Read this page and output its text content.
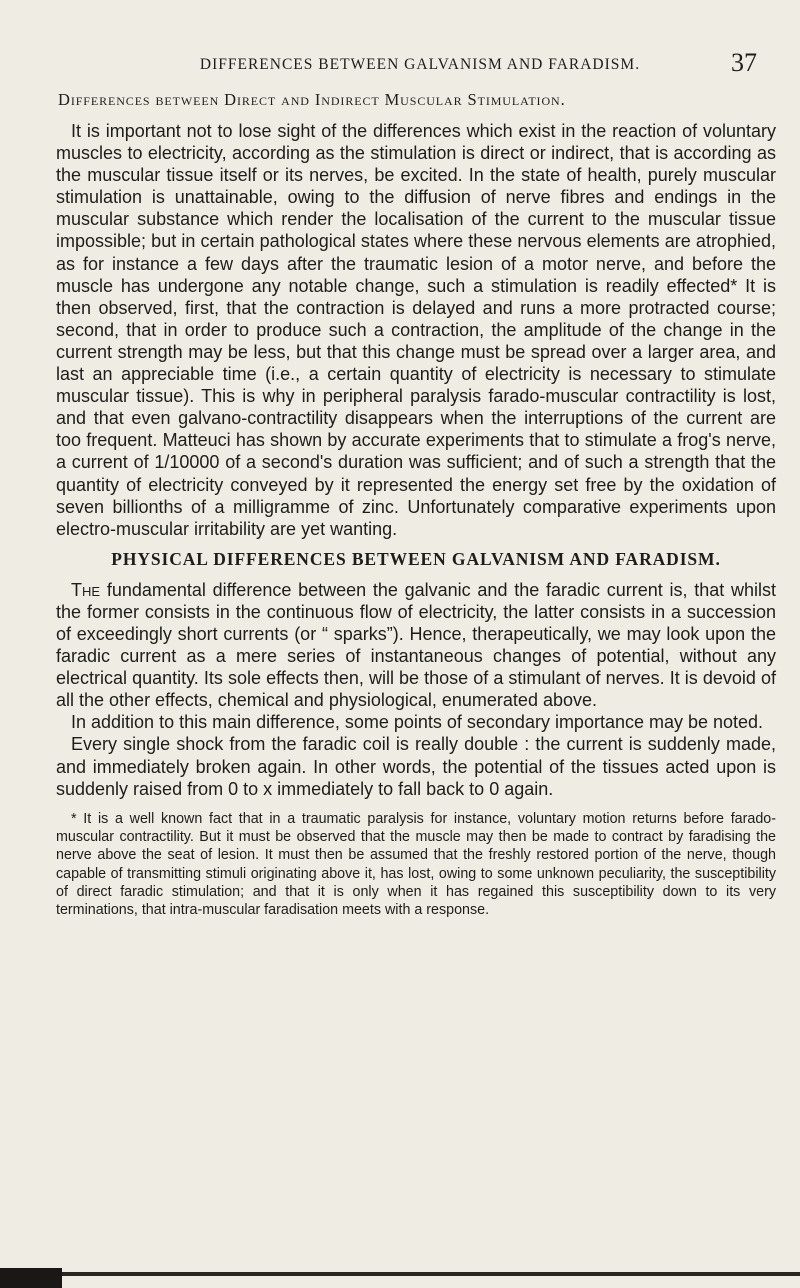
DIFFERENCES BETWEEN GALVANISM AND FARADISM.	37
Differences between Direct and Indirect Muscular Stimulation.

It is important not to lose sight of the differences which exist in the reaction of voluntary muscles to electricity, according as the stimulation is direct or indirect, that is according as the muscular tissue itself or its nerves, be excited. In the state of health, purely muscular stimulation is unattainable, owing to the diffusion of nerve fibres and endings in the muscular substance which render the localisation of the current to the muscular tissue impossible; but in certain pathological states where these nervous elements are atrophied, as for instance a few days after the traumatic lesion of a motor nerve, and before the muscle has undergone any notable change, such a stimulation is readily effected* It is then observed, first, that the contraction is delayed and runs a more protracted course; second, that in order to produce such a contraction, the amplitude of the change in the current strength may be less, but that this change must be spread over a larger area, and last an appreciable time (i.e., a certain quantity of electricity is necessary to stimulate muscular tissue). This is why in peripheral paralysis farado-muscular contractility is lost, and that even galvano-contractility disappears when the interruptions of the current are too frequent. Matteuci has shown by accurate experiments that to stimulate a frog's nerve, a current of 1/10000 of a second's duration was sufficient; and of such a strength that the quantity of electricity conveyed by it represented the energy set free by the oxidation of seven billionths of a milligramme of zinc. Unfortunately comparative experiments upon electro-muscular irritability are yet wanting.

PHYSICAL DIFFERENCES BETWEEN GALVANISM AND FARADISM.

The fundamental difference between the galvanic and the faradic current is, that whilst the former consists in the continuous flow of electricity, the latter consists in a succession of exceedingly short currents (or “ sparks”). Hence, therapeutically, we may look upon the faradic current as a mere series of instantaneous changes of potential, without any electrical quantity. Its sole effects then, will be those of a stimulant of nerves. It is devoid of all the other effects, chemical and physiological, enumerated above.

In addition to this main difference, some points of secondary importance may be noted.

Every single shock from the faradic coil is really double : the current is suddenly made, and immediately broken again. In other words, the potential of the tissues acted upon is suddenly raised from 0 to x immediately to fall back to 0 again.

* It is a well known fact that in a traumatic paralysis for instance, voluntary motion returns before farado-muscular contractility. But it must be observed that the muscle may then be made to contract by faradising the nerve above the seat of lesion. It must then be assumed that the freshly restored portion of the nerve, though capable of transmitting stimuli originating above it, has lost, owing to some unknown peculiarity, the susceptibility of direct faradic stimulation; and that it is only when it has regained this susceptibility down to its very terminations, that intra-muscular faradisation meets with a response.
